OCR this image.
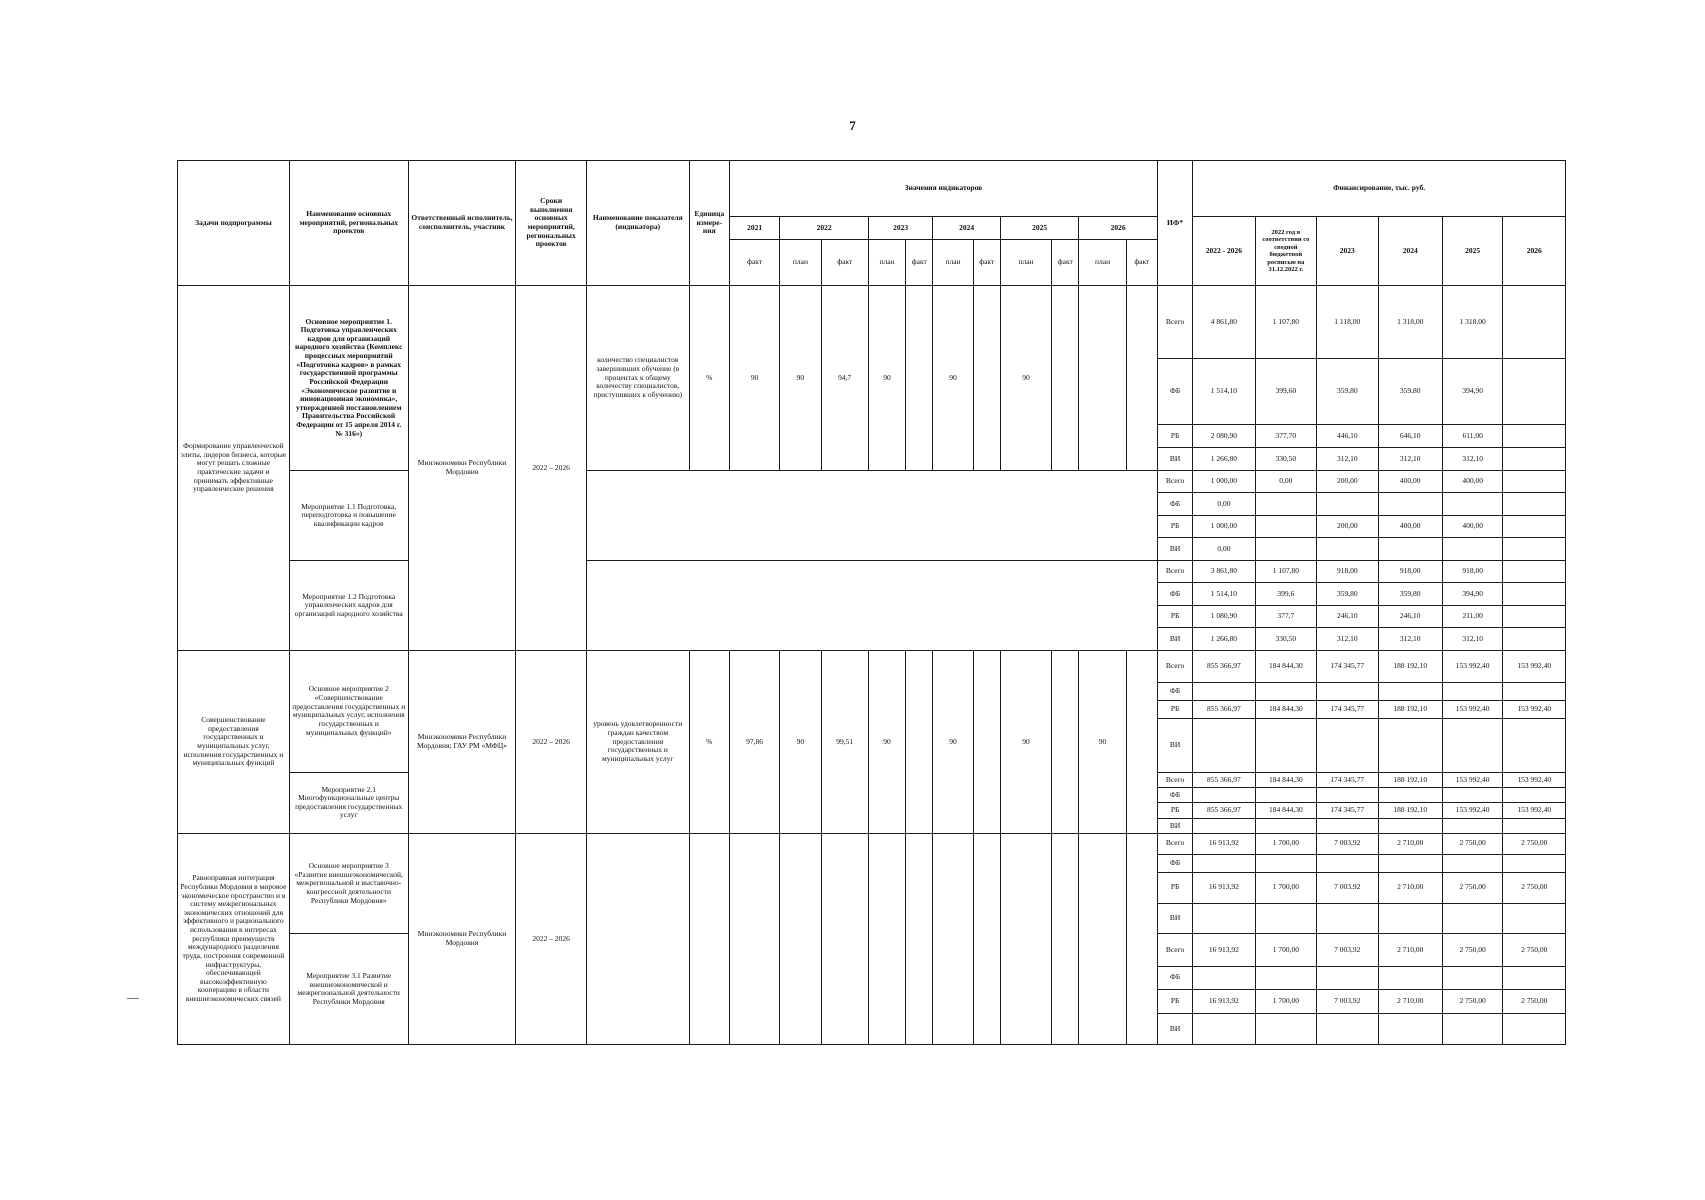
7
Задачи подпрограммы	Наименование основных мероприятий, региональных проектов	Ответственный исполнитель, соисполнитель, участник	Сроки выполнения основных мероприятий, региональных проектов	Наименование показателя (индикатора)	Единица измере-ния	Значения индикаторов											ИФ*	Финансирование, тыс. руб.					
						2021	2022		2023		2024		2025		2026			2022 - 2026	2022 год в соответствии со сводной бюджетной росписью на 31.12.2022 г.	2023	2024	2025	2026
						факт	план	факт	план	факт	план	факт	план	факт	план	факт							
Формирование управленческой элиты, лидеров бизнеса, которые могут решать сложные практические задачи и принимать эффективные управленческие решения	Основное мероприятие 1. Подготовка управленческих кадров для организаций народного хозяйства (Комплекс процессных мероприятий «Подготовка кадров» в рамках государственной программы Российской Федерации «Экономическое развитие и инновационная экономика», утвержденной постановлением Правительства Российской Федерации от 15 апреля 2014 г. № 316»)	Минэкономики Республики Мордовия	2022 – 2026	количество специалистов завершивших обучение (в процентах к общему количеству специалистов, приступивших к обучению)	%	90	90	94,7	90		90		90				Всего	4 861,80	1 107,80	1 118,00	1 318,00	1 318,00	
																	ФБ	1 514,10	399,60	359,80	359,80	394,90	
																	РБ	2 080,90	377,70	446,10	646,10	611,00	
																	ВИ	1 266,80	330,50	312,10	312,10	312,10	
	Мероприятие 1.1 Подготовка, переподготовка и повышение квалификации кадров																Всего	1 000,00	0,00	200,00	400,00	400,00	
																	ФБ	0,00					
																	РБ	1 000,00		200,00	400,00	400,00	
																	ВИ	0,00					
	Мероприятие 1.2 Подготовка управленческих кадров для организаций народного хозяйства																Всего	3 861,80	1 107,80	918,00	918,00	918,00	
																	ФБ	1 514,10	399,6	359,80	359,80	394,90	
																	РБ	1 080,90	377,7	246,10	246,10	211,00	
																	ВИ	1 266,80	330,50	312,10	312,10	312,10	
Совершенствование предоставления государственных и муниципальных услуг, исполнения государственных и муниципальных функций	Основное мероприятие 2 «Совершенствование предоставления государственных и муниципальных услуг, исполнения государственных и муниципальных функций»	Минэкономики Республики Мордовия; ГАУ РМ «МФЦ»	2022 – 2026	уровень удовлетворенности граждан качеством предоставления государственных и муниципальных услуг	%	97,86	90	99,51	90		90		90		90		Всего	855 366,97	184 844,30	174 345,77	188 192,10	153 992,40	153 992,40
																	ФБ						
																	РБ	855 366,97	184 844,30	174 345,77	188 192,10	153 992,40	153 992,40
																	ВИ						
	Мероприятие 2.1 Многофункциональные центры предоставления государственных услуг																Всего	855 366,97	184 844,30	174 345,77	188 192,10	153 992,40	153 992,40
																	ФБ						
																	РБ	855 366,97	184 844,30	174 345,77	188 192,10	153 992,40	153 992,40
																	ВИ						
Равноправная интеграция Республики Мордовия в мировое экономическое пространство и в систему межрегиональных экономических отношений для эффективного и рационального использования в интересах республики преимуществ международного разделения труда, построения современной инфраструктуры, обеспечивающей высокоэффективную кооперацию в области внешнеэкономических связей	Основное мероприятие 3 «Развитие внешнеэкономической, межрегиональной и выставочно-конгрессной деятельности Республики Мордовия»	Минэкономики Республики Мордовия	2022 – 2026														Всего	16 913,92	1 700,00	7 003,92	2 710,00	2 750,00	2 750,00
																	ФБ						
																	РБ	16 913,92	1 700,00	7 003,92	2 710,00	2 750,00	2 750,00
																	ВИ						
	Мероприятие 3.1 Развитие внешнеэкономической и межрегиональной деятельности Республики Мордовия																Всего	16 913,92	1 700,00	7 003,92	2 710,00	2 750,00	2 750,00
																	ФБ						
																	РБ	16 913,92	1 700,00	7 003,92	2 710,00	2 750,00	2 750,00
																	ВИ						
